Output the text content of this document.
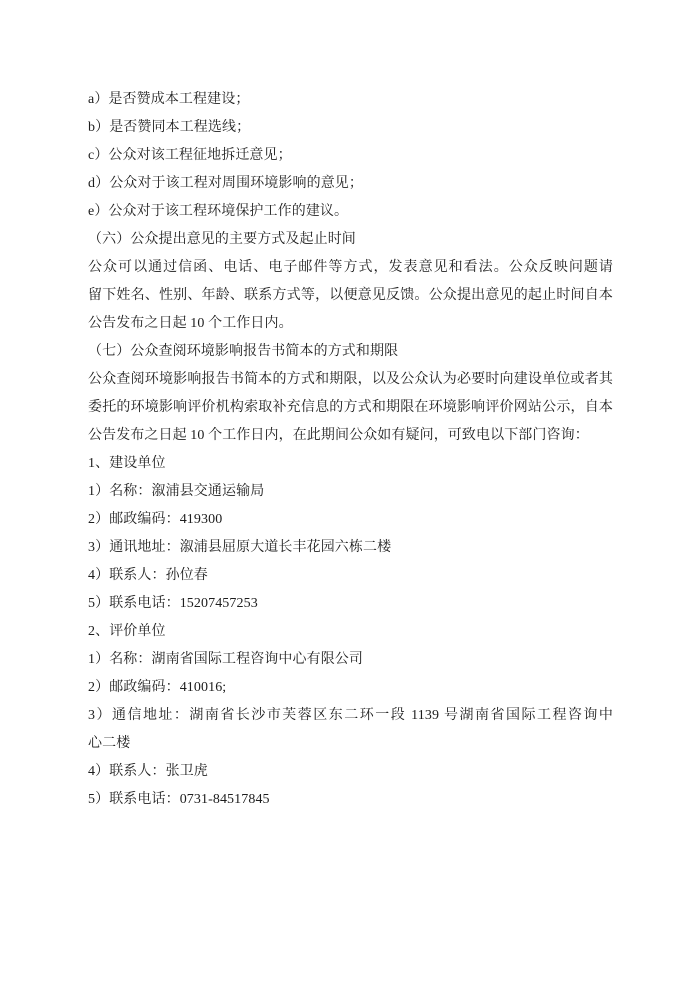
a）是否赞成本工程建设；

b）是否赞同本工程选线；

c）公众对该工程征地拆迁意见；

d）公众对于该工程对周围环境影响的意见；

e）公众对于该工程环境保护工作的建议。

（六）公众提出意见的主要方式及起止时间

公众可以通过信函、电话、电子邮件等方式，发表意见和看法。公众反映问题请

留下姓名、性别、年龄、联系方式等，以便意见反馈。公众提出意见的起止时间自本

公告发布之日起 10 个工作日内。

（七）公众查阅环境影响报告书简本的方式和期限

公众查阅环境影响报告书简本的方式和期限，以及公众认为必要时向建设单位或者其

委托的环境影响评价机构索取补充信息的方式和期限在环境影响评价网站公示，自本

公告发布之日起 10 个工作日内，在此期间公众如有疑问，可致电以下部门咨询：

1、建设单位

1）名称：溆浦县交通运输局

2）邮政编码：419300

3）通讯地址：溆浦县屈原大道长丰花园六栋二楼

4）联系人：孙位春

5）联系电话：15207457253

2、评价单位

1）名称：湖南省国际工程咨询中心有限公司

2）邮政编码：410016;

3）通信地址：湖南省长沙市芙蓉区东二环一段 1139 号湖南省国际工程咨询中

心二楼

4）联系人：张卫虎

5）联系电话：0731-84517845
